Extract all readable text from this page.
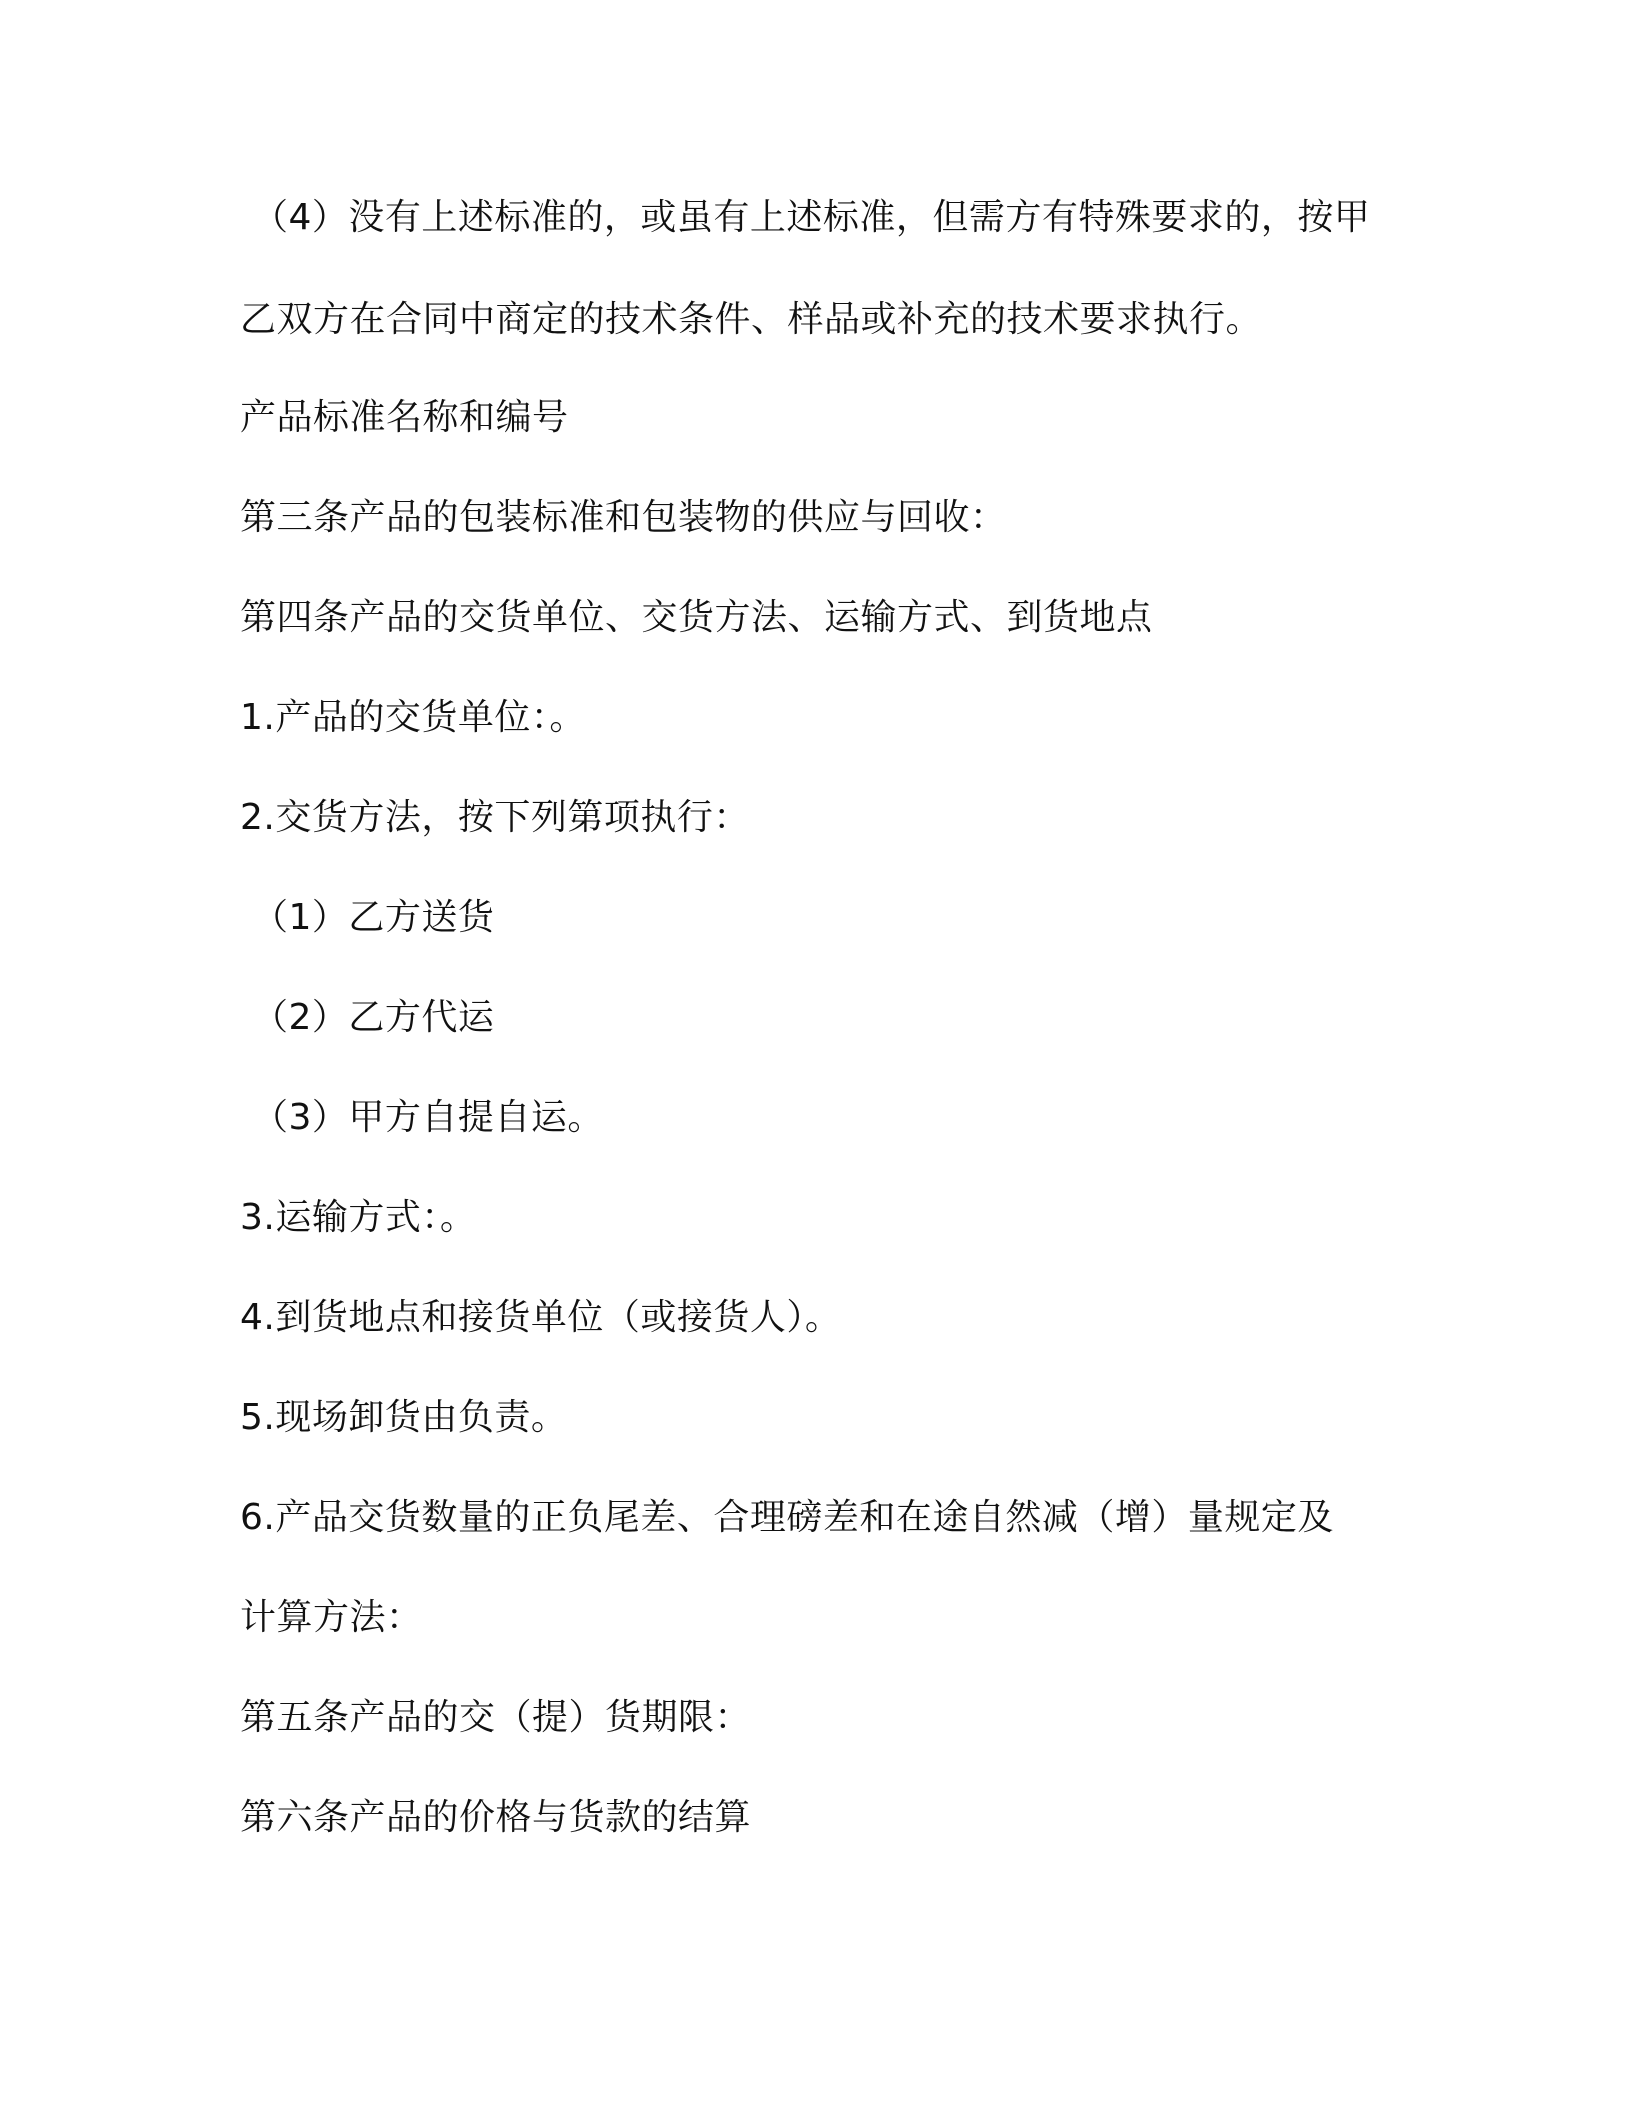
（4）没有上述标准的，或虽有上述标准，但需方有特殊要求的，按甲
乙双方在合同中商定的技术条件、样品或补充的技术要求执行。
产品标准名称和编号
第三条产品的包装标准和包装物的供应与回收：
第四条产品的交货单位、交货方法、运输方式、到货地点
1.产品的交货单位：。
2.交货方法，按下列第项执行：
（1）乙方送货
（2）乙方代运
（3）甲方自提自运。
3.运输方式：。
4.到货地点和接货单位（或接货人）。
5.现场卸货由负责。
6.产品交货数量的正负尾差、合理磅差和在途自然减（增）量规定及
计算方法：
第五条产品的交（提）货期限：
第六条产品的价格与货款的结算
